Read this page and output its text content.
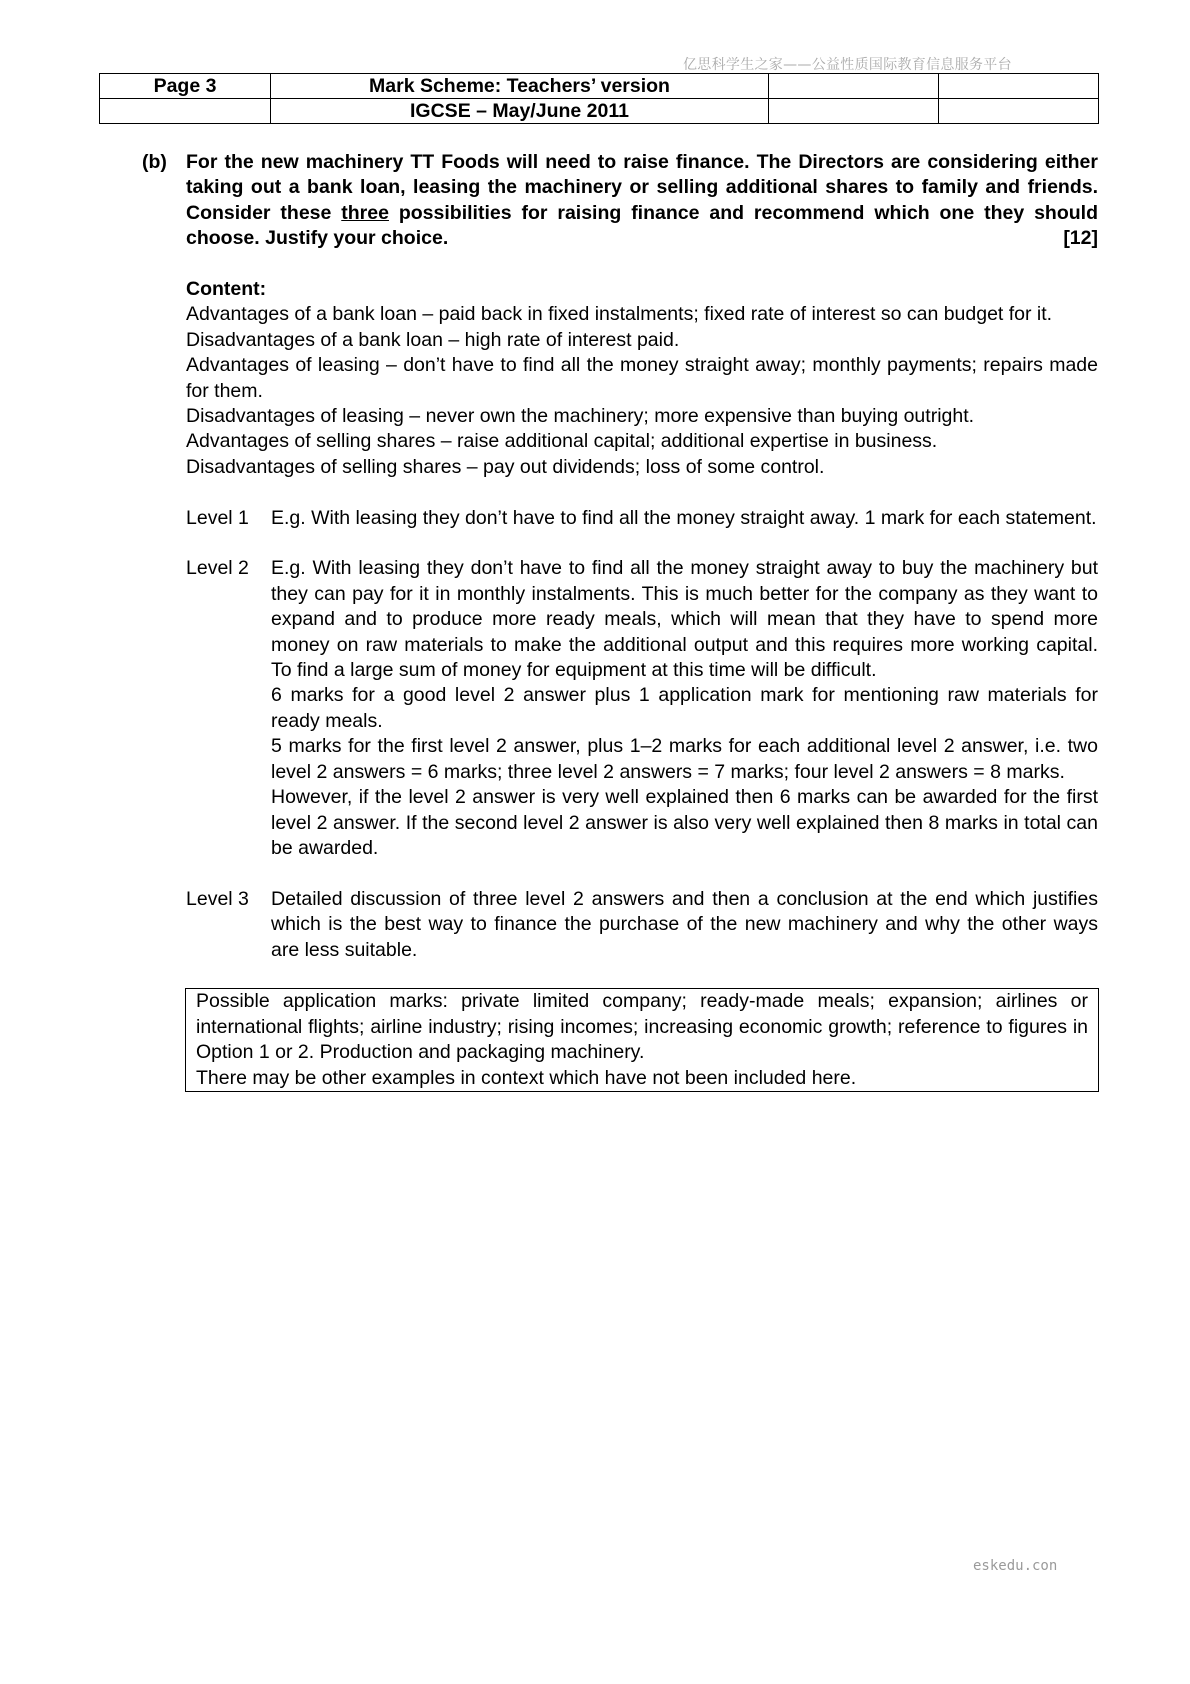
亿思科学生之家——公益性质国际教育信息服务平台
Page 3	Mark Scheme: Teachers’ version		
	IGCSE – May/June 2011		
(b) For the new machinery TT Foods will need to raise finance. The Directors are considering either taking out a bank loan, leasing the machinery or selling additional shares to family and friends. Consider these three possibilities for raising finance and recommend which one they should choose. Justify your choice.	[12]

Content:

Advantages of a bank loan – paid back in fixed instalments; fixed rate of interest so can budget for it.

Disadvantages of a bank loan – high rate of interest paid.

Advantages of leasing – don’t have to find all the money straight away; monthly payments; repairs made for them.

Disadvantages of leasing – never own the machinery; more expensive than buying outright.

Advantages of selling shares – raise additional capital; additional expertise in business.

Disadvantages of selling shares – pay out dividends; loss of some control.

Level 1	E.g. With leasing they don’t have to find all the money straight away. 1 mark for each statement.

Level 2	E.g. With leasing they don’t have to find all the money straight away to buy the machinery but they can pay for it in monthly instalments. This is much better for the company as they want to expand and to produce more ready meals, which will mean that they have to spend more money on raw materials to make the additional output and this requires more working capital. To find a large sum of money for equipment at this time will be difficult.

6 marks for a good level 2 answer plus 1 application mark for mentioning raw materials for ready meals.

5 marks for the first level 2 answer, plus 1–2 marks for each additional level 2 answer, i.e. two level 2 answers = 6 marks; three level 2 answers = 7 marks; four level 2 answers = 8 marks.

However, if the level 2 answer is very well explained then 6 marks can be awarded for the first level 2 answer. If the second level 2 answer is also very well explained then 8 marks in total can be awarded.

Level 3	Detailed discussion of three level 2 answers and then a conclusion at the end which justifies which is the best way to finance the purchase of the new machinery and why the other ways are less suitable.

Possible application marks: private limited company; ready-made meals; expansion; airlines or international flights; airline industry; rising incomes; increasing economic growth; reference to figures in Option 1 or 2. Production and packaging machinery.

There may be other examples in context which have not been included here.

eskedu.con
